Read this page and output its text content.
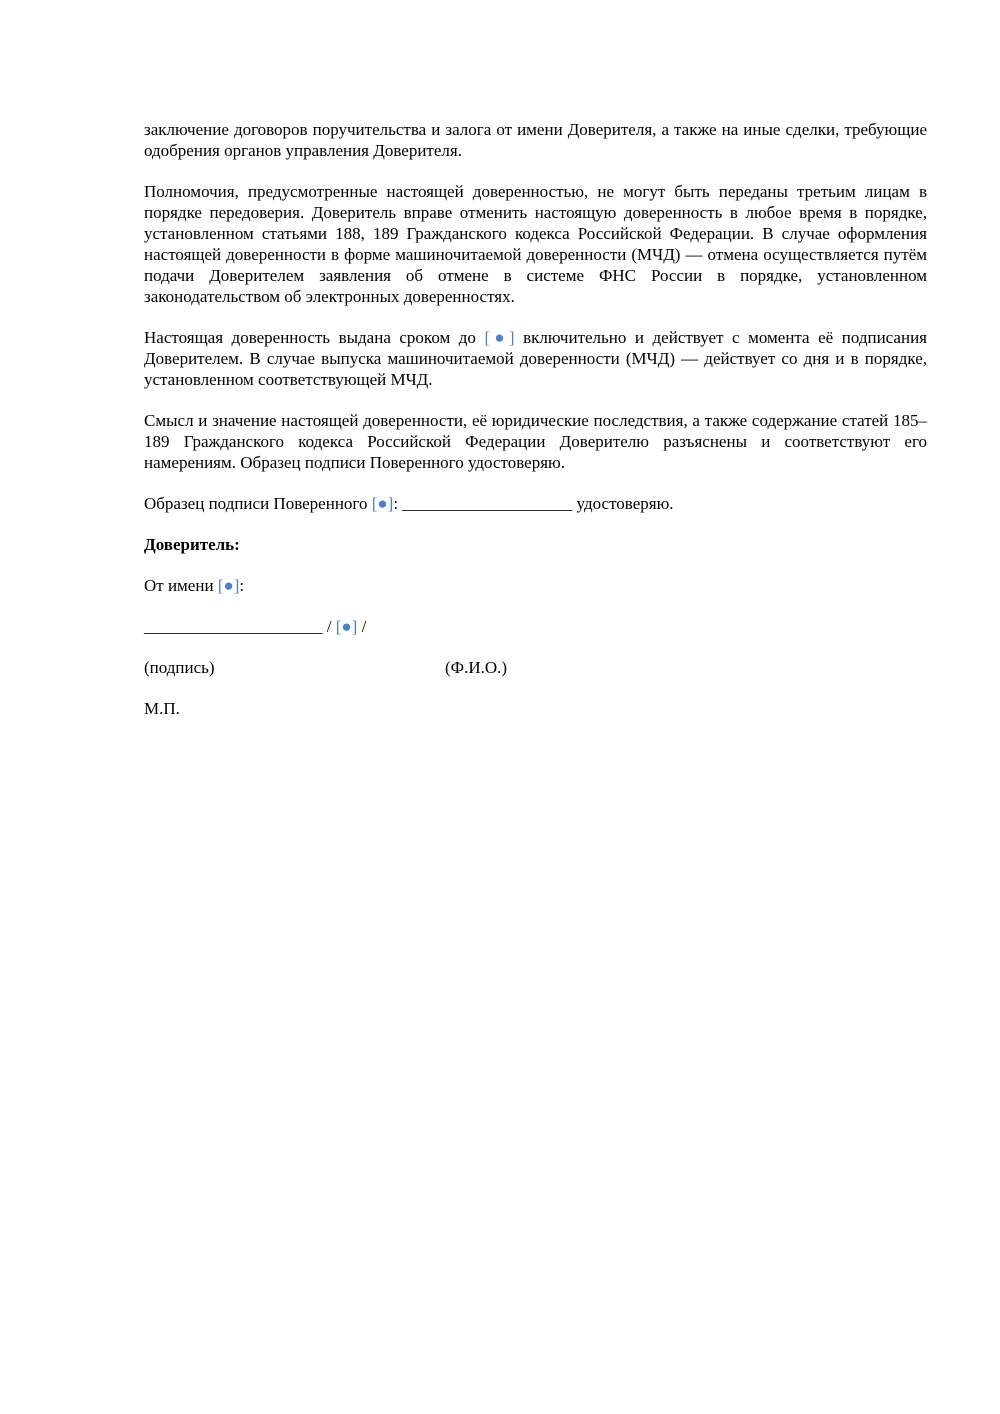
заключение договоров поручительства и залога от имени Доверителя, а также на иные сделки, требующие одобрения органов управления Доверителя.

Полномочия, предусмотренные настоящей доверенностью, не могут быть переданы третьим лицам в порядке передоверия. Доверитель вправе отменить настоящую доверенность в любое время в порядке, установленном статьями 188, 189 Гражданского кодекса Российской Федерации. В случае оформления настоящей доверенности в форме машиночитаемой доверенности (МЧД) — отмена осуществляется путём подачи Доверителем заявления об отмене в системе ФНС России в порядке, установленном законодательством об электронных доверенностях.

Настоящая доверенность выдана сроком до [●] включительно и действует с момента её подписания Доверителем. В случае выпуска машиночитаемой доверенности (МЧД) — действует со дня и в порядке, установленном соответствующей МЧД.

Смысл и значение настоящей доверенности, её юридические последствия, а также содержание статей 185–189 Гражданского кодекса Российской Федерации Доверителю разъяснены и соответствуют его намерениям. Образец подписи Поверенного удостоверяю.

Образец подписи Поверенного [●]: ____________________ удостоверяю.

Доверитель:

От имени [●]:

_____________________ / [●] /

(подпись)	(Ф.И.О.)

М.П.
